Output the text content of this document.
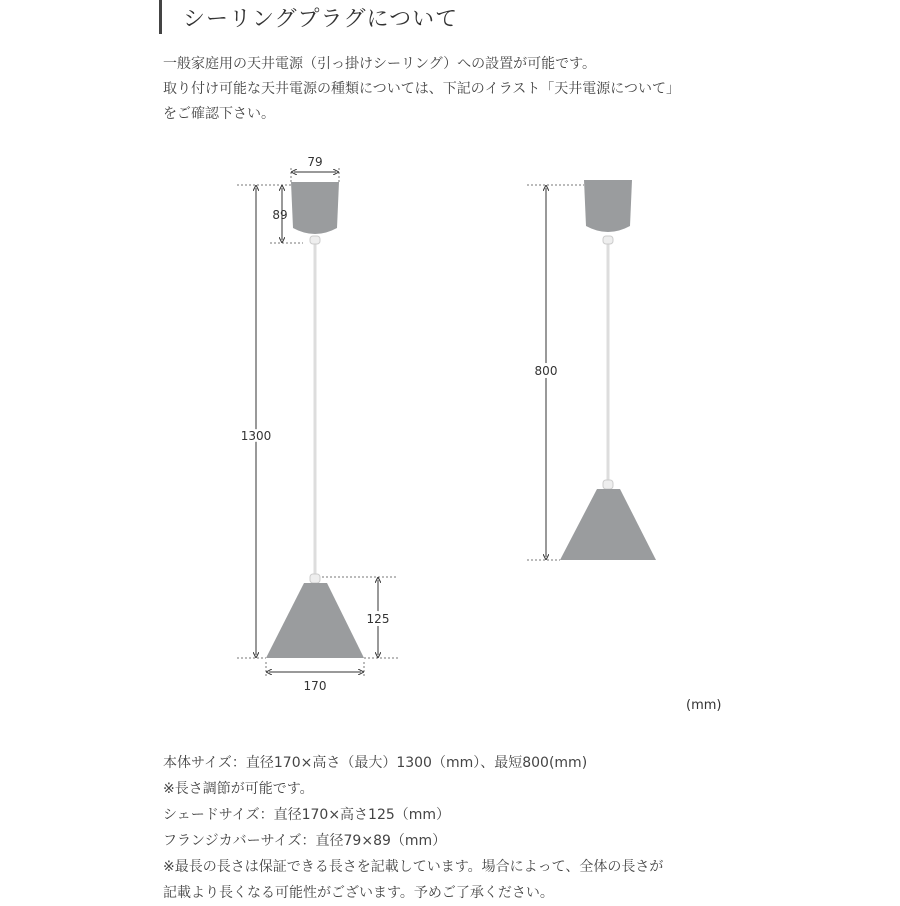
シーリングプラグについて
一般家庭用の天井電源（引っ掛けシーリング）への設置が可能です。
取り付け可能な天井電源の種類については、下記のイラスト「天井電源について」
をご確認下さい。
79
89
1300
125
170
800
(mm)
本体サイズ：直径170×高さ（最大）1300（mm）、最短800(mm)
※長さ調節が可能です。
シェードサイズ：直径170×高さ125（mm）
フランジカバーサイズ：直径79×89（mm）
※最長の長さは保証できる長さを記載しています。場合によって、全体の長さが
記載より長くなる可能性がございます。予めご了承ください。
